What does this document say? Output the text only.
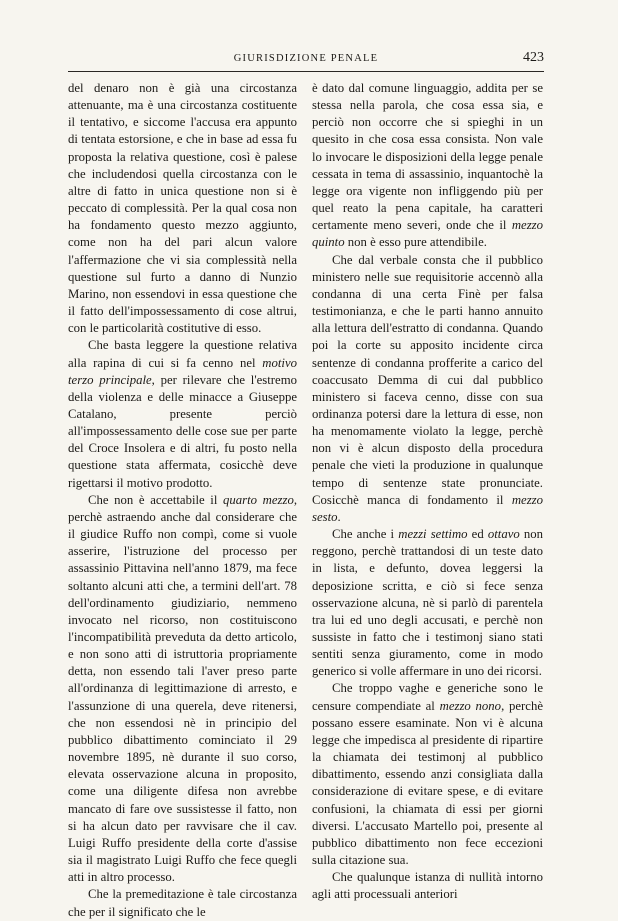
GIURISDIZIONE PENALE	423

del denaro non è già una circostanza attenuante, ma è una circostanza costituente il tentativo, e siccome l'accusa era appunto di tentata estorsione, e che in base ad essa fu proposta la relativa questione, così è palese che includendosi quella circostanza con le altre di fatto in unica questione non si è peccato di complessità. Per la qual cosa non ha fondamento questo mezzo aggiunto, come non ha del pari alcun valore l'affermazione che vi sia complessità nella questione sul furto a danno di Nunzio Marino, non essendovi in essa questione che il fatto dell'impossessamento di cose altrui, con le particolarità costitutive di esso.

Che basta leggere la questione relativa alla rapina di cui si fa cenno nel motivo terzo principale, per rilevare che l'estremo della violenza e delle minacce a Giuseppe Catalano, presente perciò all'impossessamento delle cose sue per parte del Croce Insolera e di altri, fu posto nella questione stata affermata, cosicchè deve rigettarsi il motivo prodotto.

Che non è accettabile il quarto mezzo, perchè astraendo anche dal considerare che il giudice Ruffo non compì, come si vuole asserire, l'istruzione del processo per assassinio Pittavina nell'anno 1879, ma fece soltanto alcuni atti che, a termini dell'art. 78 dell'ordinamento giudiziario, nemmeno invocato nel ricorso, non costituiscono l'incompatibilità preveduta da detto articolo, e non sono atti di istruttoria propriamente detta, non essendo tali l'aver preso parte all'ordinanza di legittimazione di arresto, e l'assunzione di una querela, deve ritenersi, che non essendosi nè in principio del pubblico dibattimento cominciato il 29 novembre 1895, nè durante il suo corso, elevata osservazione alcuna in proposito, come una diligente difesa non avrebbe mancato di fare ove sussistesse il fatto, non si ha alcun dato per ravvisare che il cav. Luigi Ruffo presidente della corte d'assise sia il magistrato Luigi Ruffo che fece quegli atti in altro processo.

Che la premeditazione è tale circostanza che per il significato che le

è dato dal comune linguaggio, addita per se stessa nella parola, che cosa essa sia, e perciò non occorre che si spieghi in un quesito in che cosa essa consista. Non vale lo invocare le disposizioni della legge penale cessata in tema di assassinio, inquantochè la legge ora vigente non infliggendo più per quel reato la pena capitale, ha caratteri certamente meno severi, onde che il mezzo quinto non è esso pure attendibile.

Che dal verbale consta che il pubblico ministero nelle sue requisitorie accennò alla condanna di una certa Finè per falsa testimonianza, e che le parti hanno annuito alla lettura dell'estratto di condanna. Quando poi la corte su apposito incidente circa sentenze di condanna profferite a carico del coaccusato Demma di cui dal pubblico ministero si faceva cenno, disse con sua ordinanza potersi dare la lettura di esse, non ha menomamente violato la legge, perchè non vi è alcun disposto della procedura penale che vieti la produzione in qualunque tempo di sentenze state pronunciate. Cosicchè manca di fondamento il mezzo sesto.

Che anche i mezzi settimo ed ottavo non reggono, perchè trattandosi di un teste dato in lista, e defunto, dovea leggersi la deposizione scritta, e ciò si fece senza osservazione alcuna, nè si parlò di parentela tra lui ed uno degli accusati, e perchè non sussiste in fatto che i testimonj siano stati sentiti senza giuramento, come in modo generico si volle affermare in uno dei ricorsi.

Che troppo vaghe e generiche sono le censure compendiate al mezzo nono, perchè possano essere esaminate. Non vi è alcuna legge che impedisca al presidente di ripartire la chiamata dei testimonj al pubblico dibattimento, essendo anzi consigliata dalla considerazione di evitare spese, e di evitare confusioni, la chiamata di essi per giorni diversi. L'accusato Martello poi, presente al pubblico dibattimento non fece eccezioni sulla citazione sua.

Che qualunque istanza di nullità intorno agli atti processuali anteriori
